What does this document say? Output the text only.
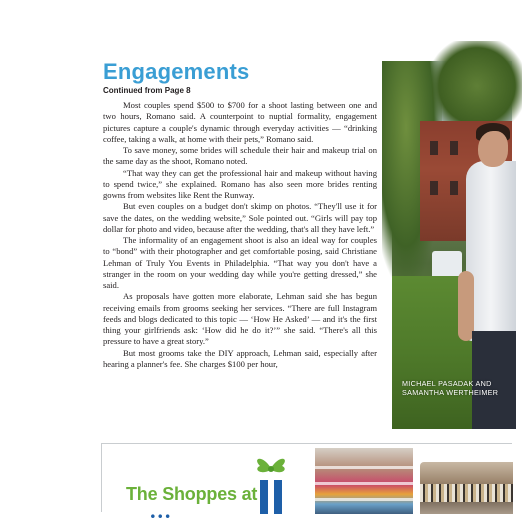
Engagements
Continued from Page 8

Most couples spend $500 to $700 for a shoot lasting between one and two hours, Romano said. A counterpoint to nuptial formality, engagement pictures capture a couple's dynamic through everyday activities — “drinking coffee, taking a walk, at home with their pets,” Romano said.

To save money, some brides will schedule their hair and makeup trial on the same day as the shoot, Romano noted.

“That way they can get the professional hair and makeup without having to spend twice,” she explained. Romano has also seen more brides renting gowns from websites like Rent the Runway.

But even couples on a budget don't skimp on photos. “They'll use it for save the dates, on the wedding website,” Sole pointed out. “Girls will pay top dollar for photo and video, because after the wedding, that's all they have left.”

The informality of an engagement shoot is also an ideal way for couples to “bond” with their photographer and get comfortable posing, said Christiane Lehman of Truly You Events in Philadelphia. “That way you don't have a stranger in the room on your wedding day while you're getting dressed,” she said.

As proposals have gotten more elaborate, Lehman said she has begun receiving emails from grooms seeking her services. “There are full Instagram feeds and blogs dedicated to this topic — ‘How He Asked’ — and it's the first thing your girlfriends ask: ‘How did he do it?’” she said. “There's all this pressure to have a great story.”

But most grooms take the DIY approach, Lehman said, especially after hearing a planner's fee. She charges $100 per hour,

MICHAEL PASADAK AND SAMANTHA WERTHEIMER
The Shoppes at
…
